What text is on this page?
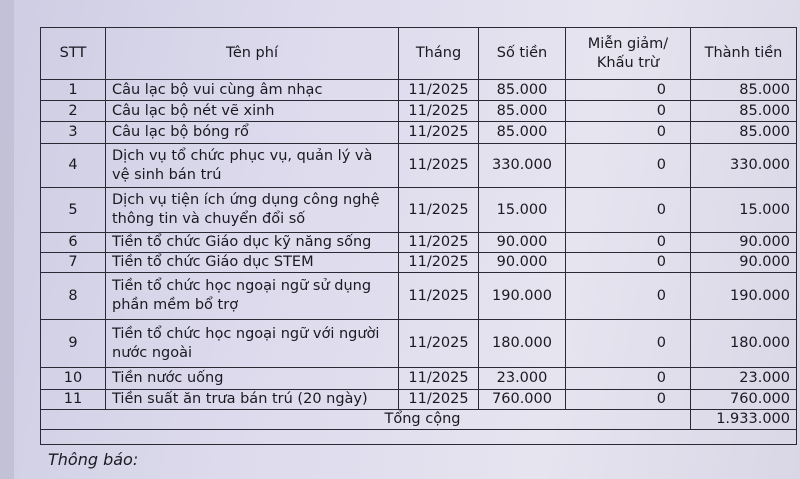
STT	Tên phí	Tháng	Số tiền	Miễn giảm/ Khấu trừ	Thành tiền
1	Câu lạc bộ vui cùng âm nhạc	11/2025	85.000	0	85.000
2	Câu lạc bộ nét vẽ xinh	11/2025	85.000	0	85.000
3	Câu lạc bộ bóng rổ	11/2025	85.000	0	85.000
4	Dịch vụ tổ chức phục vụ, quản lý và vệ sinh bán trú	11/2025	330.000	0	330.000
5	Dịch vụ tiện ích ứng dụng công nghệ thông tin và chuyển đổi số	11/2025	15.000	0	15.000
6	Tiền tổ chức Giáo dục kỹ năng sống	11/2025	90.000	0	90.000
7	Tiền tổ chức Giáo dục STEM	11/2025	90.000	0	90.000
8	Tiền tổ chức học ngoại ngữ sử dụng phần mềm bổ trợ	11/2025	190.000	0	190.000
9	Tiền tổ chức học ngoại ngữ với người nước ngoài	11/2025	180.000	0	180.000
10	Tiền nước uống	11/2025	23.000	0	23.000
11	Tiền suất ăn trưa bán trú (20 ngày)	11/2025	760.000	0	760.000
Tổng cộng					1.933.000

Thông báo:
